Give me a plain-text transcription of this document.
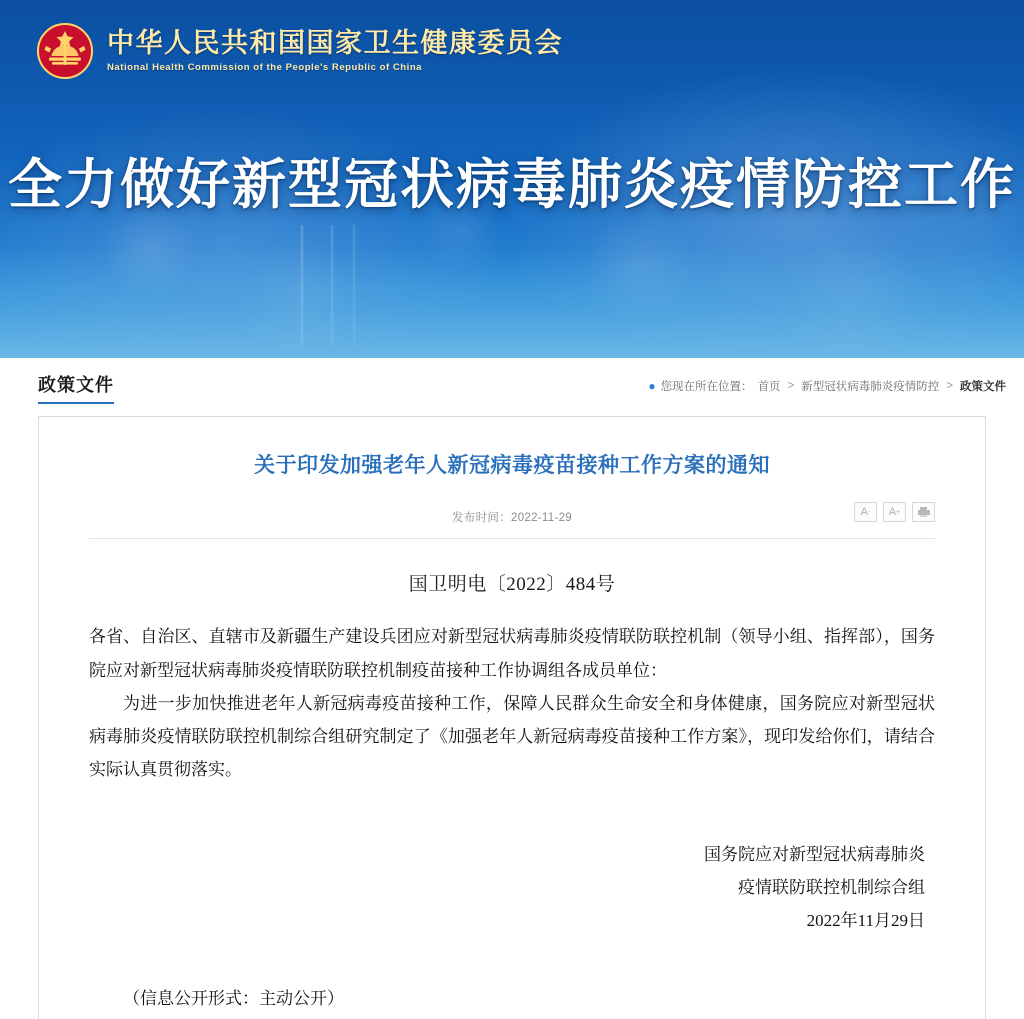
中华人民共和国国家卫生健康委员会
National Health Commission of the People's Republic of China
全力做好新型冠状病毒肺炎疫情防控工作
政策文件	● 您现在所在位置： 首页 > 新型冠状病毒肺炎疫情防控 > 政策文件
关于印发加强老年人新冠病毒疫苗接种工作方案的通知
发布时间：2022-11-29	A - A +
国卫明电〔2022〕484号

各省、自治区、直辖市及新疆生产建设兵团应对新型冠状病毒肺炎疫情联防联控机制（领导小组、指挥部），国务院应对新型冠状病毒肺炎疫情联防联控机制疫苗接种工作协调组各成员单位：

为进一步加快推进老年人新冠病毒疫苗接种工作，保障人民群众生命安全和身体健康，国务院应对新型冠状病毒肺炎疫情联防联控机制综合组研究制定了《加强老年人新冠病毒疫苗接种工作方案》，现印发给你们，请结合实际认真贯彻落实。

国务院应对新型冠状病毒肺炎
疫情联防联控机制综合组
2022年11月29日
（信息公开形式：主动公开）
